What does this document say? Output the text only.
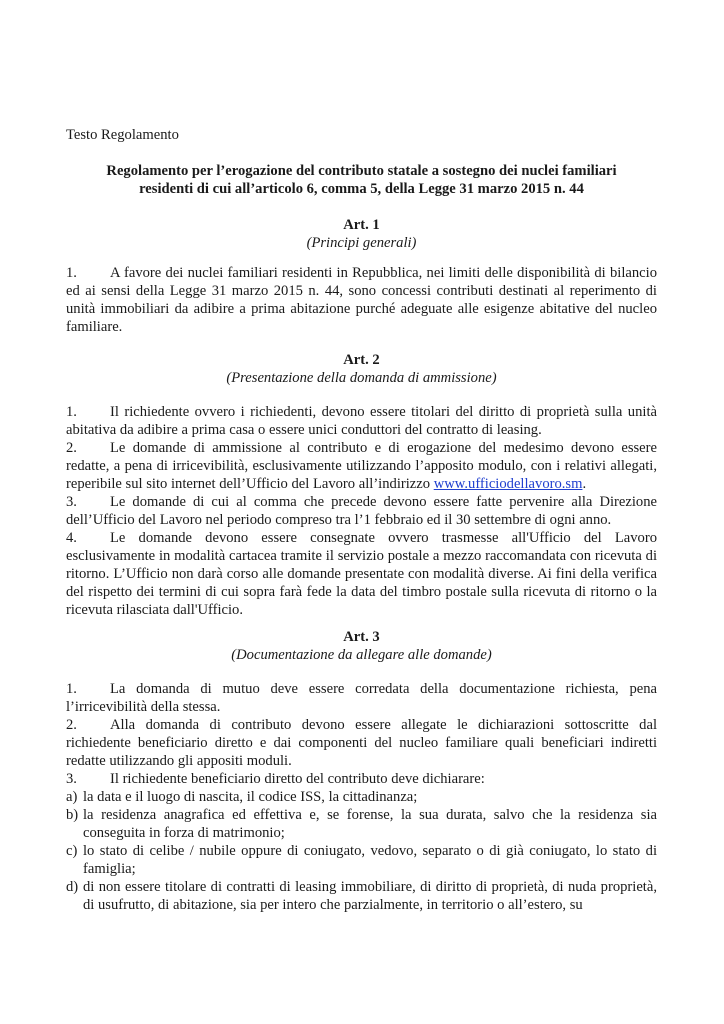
Testo Regolamento

Regolamento per l’erogazione del contributo statale a sostegno dei nuclei familiari
residenti di cui all’articolo 6, comma 5, della Legge 31 marzo 2015 n. 44
Art. 1
(Principi generali)

1. A favore dei nuclei familiari residenti in Repubblica, nei limiti delle disponibilità di bilancio ed ai sensi della Legge 31 marzo 2015 n. 44, sono concessi contributi destinati al reperimento di unità immobiliari da adibire a prima abitazione purché adeguate alle esigenze abitative del nucleo familiare.

Art. 2
(Presentazione della domanda di ammissione)

1. Il richiedente ovvero i richiedenti, devono essere titolari del diritto di proprietà sulla unità abitativa da adibire a prima casa o essere unici conduttori del contratto di leasing.

2. Le domande di ammissione al contributo e di erogazione del medesimo devono essere redatte, a pena di irricevibilità, esclusivamente utilizzando l’apposito modulo, con i relativi allegati, reperibile sul sito internet dell’Ufficio del Lavoro all’indirizzo www.ufficiodellavoro.sm.

3. Le domande di cui al comma che precede devono essere fatte pervenire alla Direzione dell’Ufficio del Lavoro nel periodo compreso tra l’1 febbraio ed il 30 settembre di ogni anno.

4. Le domande devono essere consegnate ovvero trasmesse all'Ufficio del Lavoro esclusivamente in modalità cartacea tramite il servizio postale a mezzo raccomandata con ricevuta di ritorno. L’Ufficio non darà corso alle domande presentate con modalità diverse. Ai fini della verifica del rispetto dei termini di cui sopra farà fede la data del timbro postale sulla ricevuta di ritorno o la ricevuta rilasciata dall'Ufficio.

Art. 3
(Documentazione da allegare alle domande)

1. La domanda di mutuo deve essere corredata della documentazione richiesta, pena l’irricevibilità della stessa.

2. Alla domanda di contributo devono essere allegate le dichiarazioni sottoscritte dal richiedente beneficiario diretto e dai componenti del nucleo familiare quali beneficiari indiretti redatte utilizzando gli appositi moduli.

3. Il richiedente beneficiario diretto del contributo deve dichiarare:

a) la data e il luogo di nascita, il codice ISS, la cittadinanza;
b) la residenza anagrafica ed effettiva e, se forense, la sua durata, salvo che la residenza sia conseguita in forza di matrimonio;
c) lo stato di celibe / nubile oppure di coniugato, vedovo, separato o di già coniugato, lo stato di famiglia;
d) di non essere titolare di contratti di leasing immobiliare, di diritto di proprietà, di nuda proprietà, di usufrutto, di abitazione, sia per intero che parzialmente, in territorio o all’estero, su
